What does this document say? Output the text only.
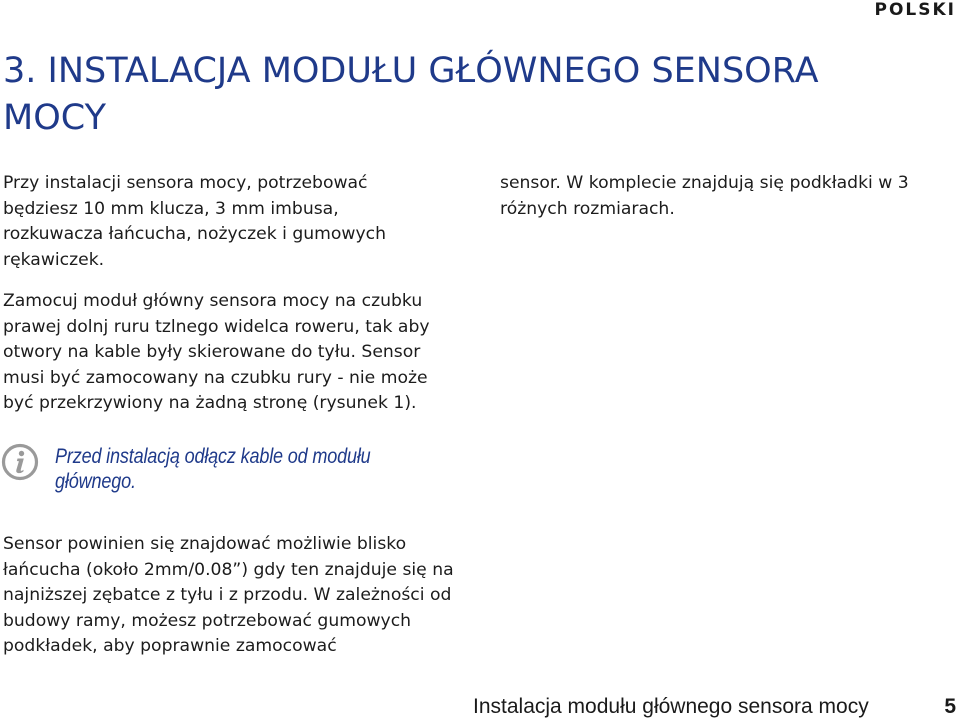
POLSKI
3. INSTALACJA MODUŁU GŁÓWNEGO SENSORA MOCY

Przy instalacji sensora mocy, potrzebować będziesz 10 mm klucza, 3 mm imbusa, rozkuwacza łańcucha, nożyczek i gumowych rękawiczek.

sensor. W komplecie znajdują się podkładki w 3 różnych rozmiarach.

Zamocuj moduł główny sensora mocy na czubku prawej dolnj ruru tzlnego widelca roweru, tak aby otwory na kable były skierowane do tyłu. Sensor musi być zamocowany na czubku rury - nie może być przekrzywiony na żadną stronę (rysunek 1).

Przed instalacją odłącz kable od modułu głównego.

Sensor powinien się znajdować możliwie blisko łańcucha (około 2mm/0.08”) gdy ten znajduje się na najniższej zębatce z tyłu i z przodu. W zależności od budowy ramy, możesz potrzebować gumowych podkładek, aby poprawnie zamocować

Instalacja modułu głównego sensora mocy	5
